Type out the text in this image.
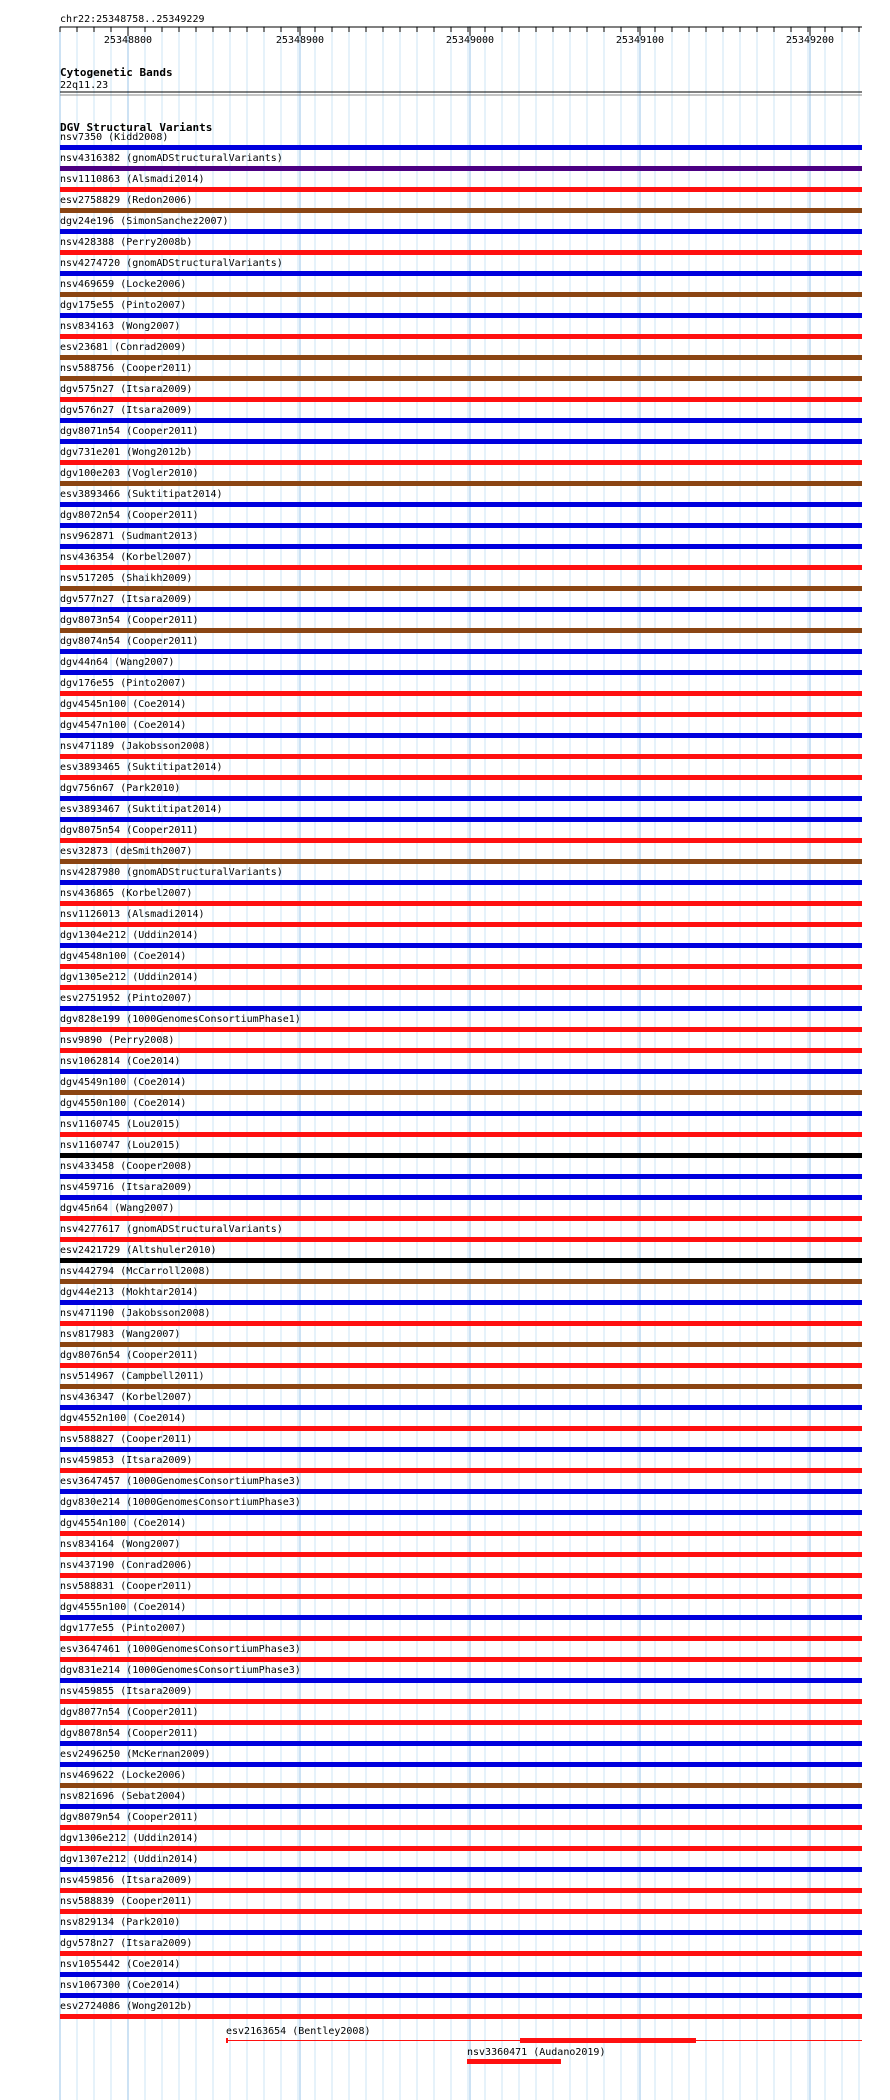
chr22:25348758..25349229
25348800	25348900	25349000	25349100	25349200
Cytogenetic Bands
22q11.23
DGV Structural Variants
nsv7350 (Kidd2008)
nsv4316382 (gnomADStructuralVariants)
nsv1110863 (Alsmadi2014)
esv2758829 (Redon2006)
dgv24e196 (SimonSanchez2007)
nsv428388 (Perry2008b)
nsv4274720 (gnomADStructuralVariants)
nsv469659 (Locke2006)
dgv175e55 (Pinto2007)
nsv834163 (Wong2007)
esv23681 (Conrad2009)
nsv588756 (Cooper2011)
dgv575n27 (Itsara2009)
dgv576n27 (Itsara2009)
dgv8071n54 (Cooper2011)
dgv731e201 (Wong2012b)
dgv100e203 (Vogler2010)
esv3893466 (Suktitipat2014)
dgv8072n54 (Cooper2011)
nsv962871 (Sudmant2013)
nsv436354 (Korbel2007)
nsv517205 (Shaikh2009)
dgv577n27 (Itsara2009)
dgv8073n54 (Cooper2011)
dgv8074n54 (Cooper2011)
dgv44n64 (Wang2007)
dgv176e55 (Pinto2007)
dgv4545n100 (Coe2014)
dgv4547n100 (Coe2014)
nsv471189 (Jakobsson2008)
esv3893465 (Suktitipat2014)
dgv756n67 (Park2010)
esv3893467 (Suktitipat2014)
dgv8075n54 (Cooper2011)
esv32873 (deSmith2007)
nsv4287980 (gnomADStructuralVariants)
nsv436865 (Korbel2007)
nsv1126013 (Alsmadi2014)
dgv1304e212 (Uddin2014)
dgv4548n100 (Coe2014)
dgv1305e212 (Uddin2014)
esv2751952 (Pinto2007)
dgv828e199 (1000GenomesConsortiumPhase1)
nsv9890 (Perry2008)
nsv1062814 (Coe2014)
dgv4549n100 (Coe2014)
dgv4550n100 (Coe2014)
nsv1160745 (Lou2015)
nsv1160747 (Lou2015)
nsv433458 (Cooper2008)
nsv459716 (Itsara2009)
dgv45n64 (Wang2007)
nsv4277617 (gnomADStructuralVariants)
esv2421729 (Altshuler2010)
nsv442794 (McCarroll2008)
dgv44e213 (Mokhtar2014)
nsv471190 (Jakobsson2008)
nsv817983 (Wang2007)
dgv8076n54 (Cooper2011)
nsv514967 (Campbell2011)
nsv436347 (Korbel2007)
dgv4552n100 (Coe2014)
nsv588827 (Cooper2011)
nsv459853 (Itsara2009)
esv3647457 (1000GenomesConsortiumPhase3)
dgv830e214 (1000GenomesConsortiumPhase3)
dgv4554n100 (Coe2014)
nsv834164 (Wong2007)
nsv437190 (Conrad2006)
nsv588831 (Cooper2011)
dgv4555n100 (Coe2014)
dgv177e55 (Pinto2007)
esv3647461 (1000GenomesConsortiumPhase3)
dgv831e214 (1000GenomesConsortiumPhase3)
nsv459855 (Itsara2009)
dgv8077n54 (Cooper2011)
dgv8078n54 (Cooper2011)
esv2496250 (McKernan2009)
nsv469622 (Locke2006)
nsv821696 (Sebat2004)
dgv8079n54 (Cooper2011)
dgv1306e212 (Uddin2014)
dgv1307e212 (Uddin2014)
nsv459856 (Itsara2009)
nsv588839 (Cooper2011)
nsv829134 (Park2010)
dgv578n27 (Itsara2009)
nsv1055442 (Coe2014)
nsv1067300 (Coe2014)
esv2724086 (Wong2012b)
esv2163654 (Bentley2008)
nsv3360471 (Audano2019)
